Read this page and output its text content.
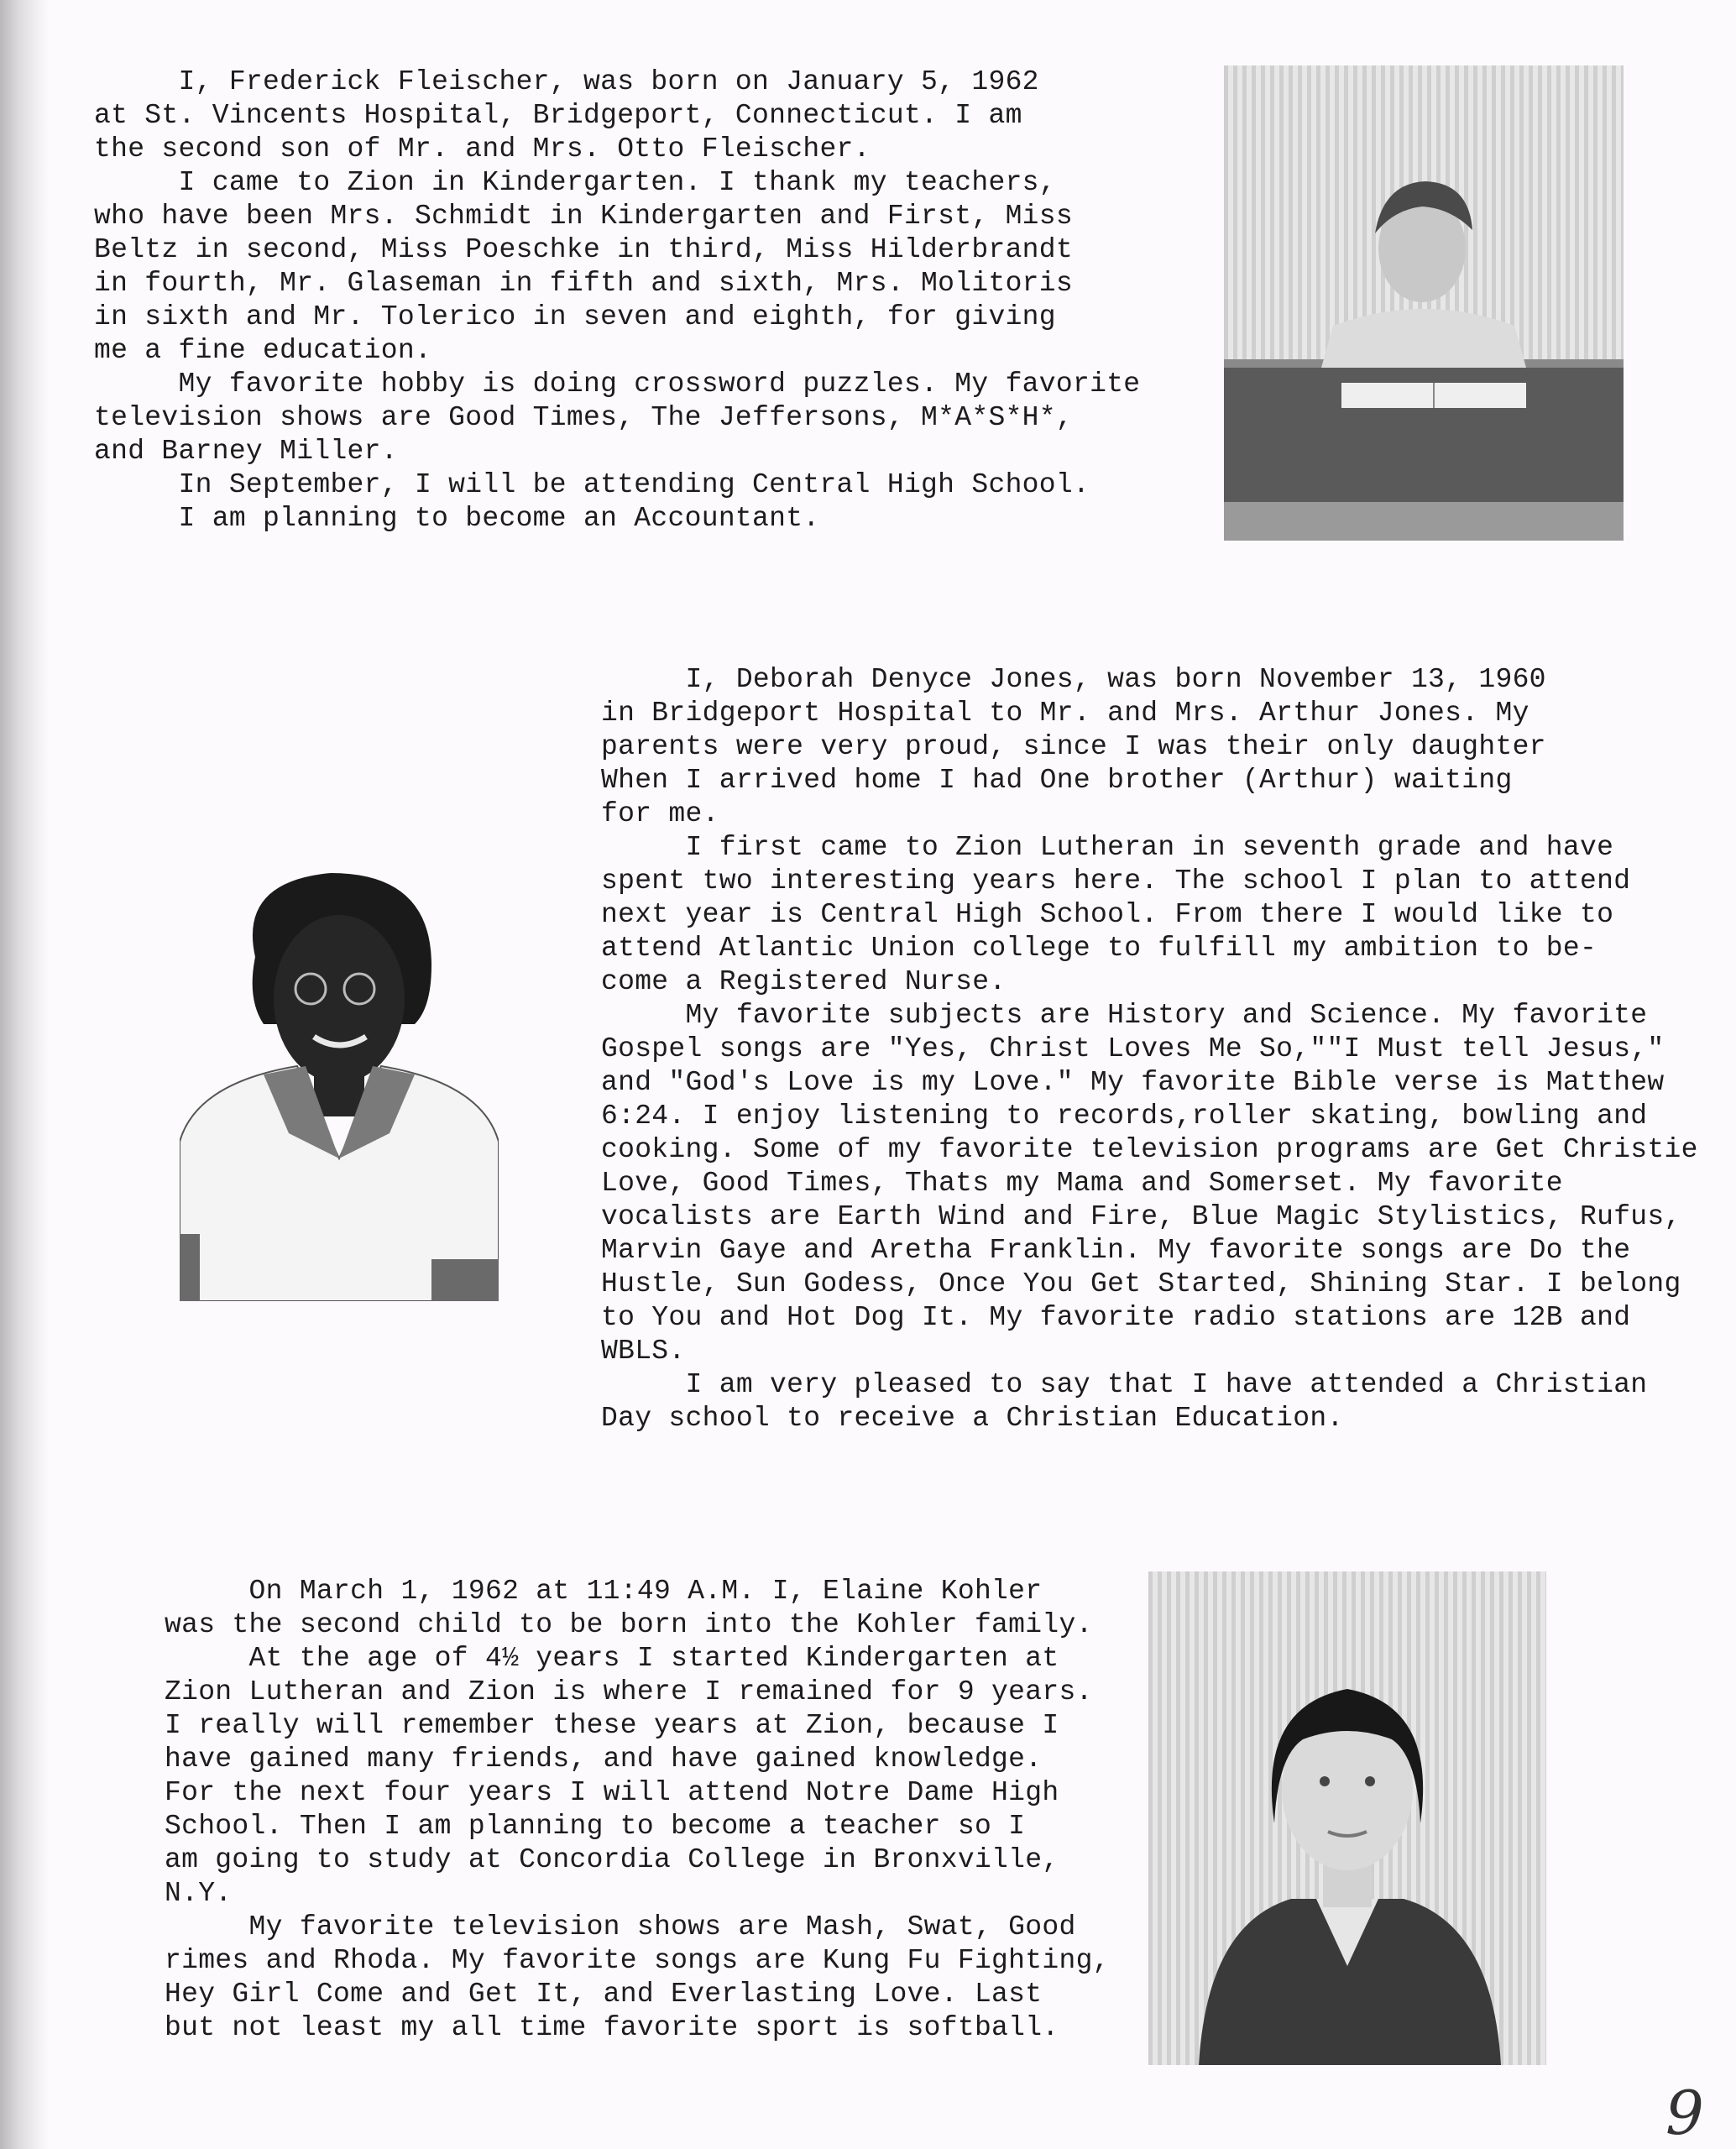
I, Frederick Fleischer, was born on January 5, 1962

at St. Vincents Hospital, Bridgeport, Connecticut. I am

the second son of Mr. and Mrs. Otto Fleischer.

I came to Zion in Kindergarten. I thank my teachers,

who have been Mrs. Schmidt in Kindergarten and First, Miss

Beltz in second, Miss Poeschke in third, Miss Hilderbrandt

in fourth, Mr. Glaseman in fifth and sixth, Mrs. Molitoris

in sixth and Mr. Tolerico in seven and eighth, for giving

me a fine education.

My favorite hobby is doing crossword puzzles. My favorite

television shows are Good Times, The Jeffersons, M*A*S*H*,

and Barney Miller.

In September, I will be attending Central High School.

I am planning to become an Accountant.

I, Deborah Denyce Jones, was born November 13, 1960

in Bridgeport Hospital to Mr. and Mrs. Arthur Jones. My

parents were very proud, since I was their only daughter

When I arrived home I had One brother (Arthur) waiting

for me.

I first came to Zion Lutheran in seventh grade and have

spent two interesting years here. The school I plan to attend

next year is Central High School. From there I would like to

attend Atlantic Union college to fulfill my ambition to be-

come a Registered Nurse.

My favorite subjects are History and Science. My favorite

Gospel songs are "Yes, Christ Loves Me So,""I Must tell Jesus,"

and "God's Love is my Love." My favorite Bible verse is Matthew

6:24. I enjoy listening to records,roller skating, bowling and

cooking. Some of my favorite television programs are Get Christie

Love, Good Times, Thats my Mama and Somerset. My favorite

vocalists are Earth Wind and Fire, Blue Magic Stylistics, Rufus,

Marvin Gaye and Aretha Franklin. My favorite songs are Do the

Hustle, Sun Godess, Once You Get Started, Shining Star. I belong

to You and Hot Dog It. My favorite radio stations are 12B and

WBLS.

I am very pleased to say that I have attended a Christian

Day school to receive a Christian Education.

On March 1, 1962 at 11:49 A.M. I, Elaine Kohler

was the second child to be born into the Kohler family.

At the age of 4½ years I started Kindergarten at

Zion Lutheran and Zion is where I remained for 9 years.

I really will remember these years at Zion, because I

have gained many friends, and have gained knowledge.

For the next four years I will attend Notre Dame High

School. Then I am planning to become a teacher so I

am going to study at Concordia College in Bronxville,

N.Y.

My favorite television shows are Mash, Swat, Good

rimes and Rhoda. My favorite songs are Kung Fu Fighting,

Hey Girl Come and Get It, and Everlasting Love. Last

but not least my all time favorite sport is softball.

9
